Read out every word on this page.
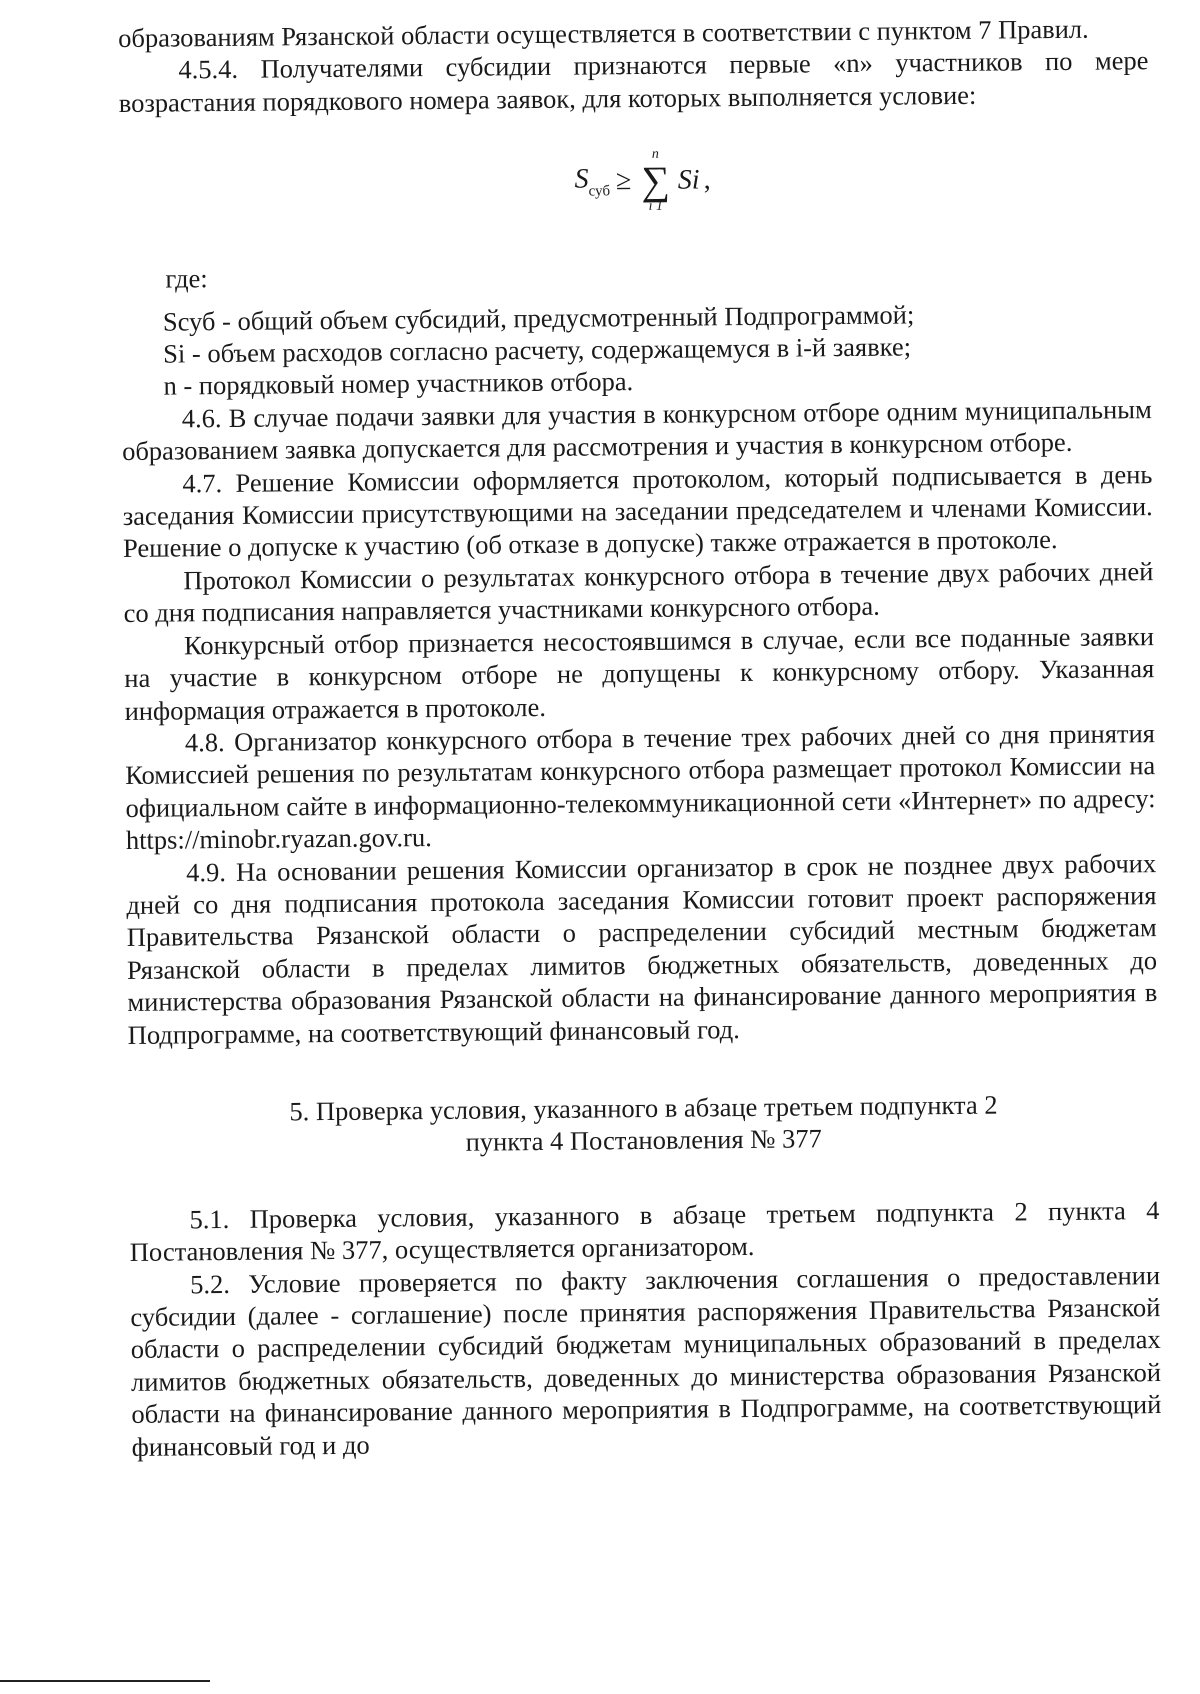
образованиям Рязанской области осуществляется в соответствии с пунктом 7 Правил.

4.5.4. Получателями субсидии признаются первые «n» участников по мере возрастания порядкового номера заявок, для которых выполняется условие:

$S_{суб}$ ≥
n
∑
i 1
Si ,

где:

Sсуб - общий объем субсидий, предусмотренный Подпрограммой;

Si - объем расходов согласно расчету, содержащемуся в i-й заявке;

n - порядковый номер участников отбора.

4.6. В случае подачи заявки для участия в конкурсном отборе одним муниципальным образованием заявка допускается для рассмотрения и участия в конкурсном отборе.

4.7. Решение Комиссии оформляется протоколом, который подписывается в день заседания Комиссии присутствующими на заседании председателем и членами Комиссии. Решение о допуске к участию (об отказе в допуске) также отражается в протоколе.

Протокол Комиссии о результатах конкурсного отбора в течение двух рабочих дней со дня подписания направляется участниками конкурсного отбора.

Конкурсный отбор признается несостоявшимся в случае, если все поданные заявки на участие в конкурсном отборе не допущены к конкурсному отбору. Указанная информация отражается в протоколе.

4.8. Организатор конкурсного отбора в течение трех рабочих дней со дня принятия Комиссией решения по результатам конкурсного отбора размещает протокол Комиссии на официальном сайте в информационно-телекоммуникационной сети «Интернет» по адресу: https://minobr.ryazan.gov.ru.

4.9. На основании решения Комиссии организатор в срок не позднее двух рабочих дней со дня подписания протокола заседания Комиссии готовит проект распоряжения Правительства Рязанской области о распределении субсидий местным бюджетам Рязанской области в пределах лимитов бюджетных обязательств, доведенных до министерства образования Рязанской области на финансирование данного мероприятия в Подпрограмме, на соответствующий финансовый год.

5. Проверка условия, указанного в абзаце третьем подпункта 2
пункта 4 Постановления № 377

5.1. Проверка условия, указанного в абзаце третьем подпункта 2 пункта 4 Постановления № 377, осуществляется организатором.

5.2. Условие проверяется по факту заключения соглашения о предоставлении субсидии (далее - соглашение) после принятия распоряжения Правительства Рязанской области о распределении субсидий бюджетам муниципальных образований в пределах лимитов бюджетных обязательств, доведенных до министерства образования Рязанской области на финансирование данного мероприятия в Подпрограмме, на соответствующий финансовый год и до
